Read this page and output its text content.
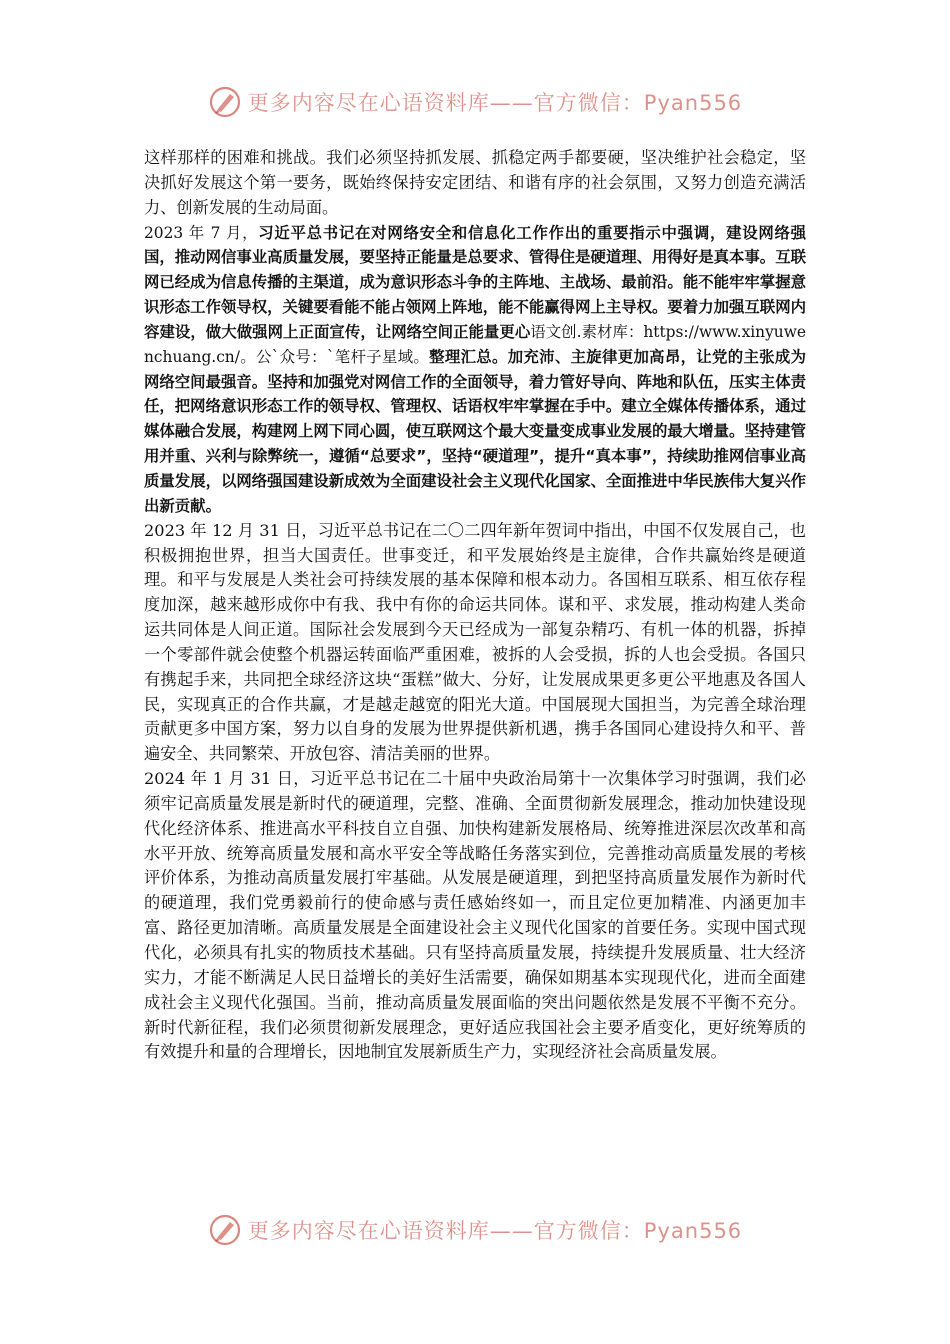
更多内容尽在心语资料库——官方微信：Pyan556

这样那样的困难和挑战。我们必须坚持抓发展、抓稳定两手都要硬，坚决维护社会稳定，坚决抓好发展这个第一要务，既始终保持安定团结、和谐有序的社会氛围，又努力创造充满活力、创新发展的生动局面。

2023 年 7 月，习近平总书记在对网络安全和信息化工作作出的重要指示中强调，建设网络强国，推动网信事业高质量发展，要坚持正能量是总要求、管得住是硬道理、用得好是真本事。互联网已经成为信息传播的主渠道，成为意识形态斗争的主阵地、主战场、最前沿。能不能牢牢掌握意识形态工作领导权，关键要看能不能占领网上阵地，能不能赢得网上主导权。要着力加强互联网内容建设，做大做强网上正面宣传，让网络空间正能量更心语文创.素材库：https://www.xinyuwenchuang.cn/。公`众号：`笔杆子星域。整理汇总。加充沛、主旋律更加高昂，让党的主张成为网络空间最强音。坚持和加强党对网信工作的全面领导，着力管好导向、阵地和队伍，压实主体责任，把网络意识形态工作的领导权、管理权、话语权牢牢掌握在手中。建立全媒体传播体系，通过媒体融合发展，构建网上网下同心圆，使互联网这个最大变量变成事业发展的最大增量。坚持建管用并重、兴利与除弊统一，遵循“总要求”，坚持“硬道理”，提升“真本事”，持续助推网信事业高质量发展，以网络强国建设新成效为全面建设社会主义现代化国家、全面推进中华民族伟大复兴作出新贡献。

2023 年 12 月 31 日，习近平总书记在二〇二四年新年贺词中指出，中国不仅发展自己，也积极拥抱世界，担当大国责任。世事变迁，和平发展始终是主旋律，合作共赢始终是硬道理。和平与发展是人类社会可持续发展的基本保障和根本动力。各国相互联系、相互依存程度加深，越来越形成你中有我、我中有你的命运共同体。谋和平、求发展，推动构建人类命运共同体是人间正道。国际社会发展到今天已经成为一部复杂精巧、有机一体的机器，拆掉一个零部件就会使整个机器运转面临严重困难，被拆的人会受损，拆的人也会受损。各国只有携起手来，共同把全球经济这块“蛋糕”做大、分好，让发展成果更多更公平地惠及各国人民，实现真正的合作共赢，才是越走越宽的阳光大道。中国展现大国担当，为完善全球治理贡献更多中国方案，努力以自身的发展为世界提供新机遇，携手各国同心建设持久和平、普遍安全、共同繁荣、开放包容、清洁美丽的世界。

2024 年 1 月 31 日，习近平总书记在二十届中央政治局第十一次集体学习时强调，我们必须牢记高质量发展是新时代的硬道理，完整、准确、全面贯彻新发展理念，推动加快建设现代化经济体系、推进高水平科技自立自强、加快构建新发展格局、统筹推进深层次改革和高水平开放、统筹高质量发展和高水平安全等战略任务落实到位，完善推动高质量发展的考核评价体系，为推动高质量发展打牢基础。从发展是硬道理，到把坚持高质量发展作为新时代的硬道理，我们党勇毅前行的使命感与责任感始终如一，而且定位更加精准、内涵更加丰富、路径更加清晰。高质量发展是全面建设社会主义现代化国家的首要任务。实现中国式现代化，必须具有扎实的物质技术基础。只有坚持高质量发展，持续提升发展质量、壮大经济实力，才能不断满足人民日益增长的美好生活需要，确保如期基本实现现代化，进而全面建成社会主义现代化强国。当前，推动高质量发展面临的突出问题依然是发展不平衡不充分。新时代新征程，我们必须贯彻新发展理念，更好适应我国社会主要矛盾变化，更好统筹质的有效提升和量的合理增长，因地制宜发展新质生产力，实现经济社会高质量发展。

更多内容尽在心语资料库——官方微信：Pyan556
